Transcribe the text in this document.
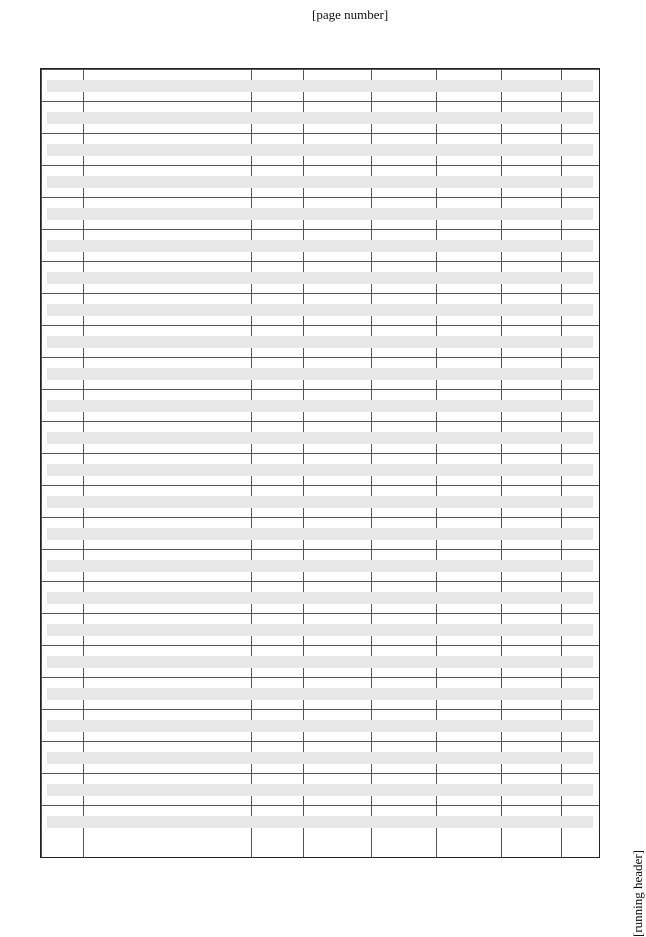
[page number]
[running header]
